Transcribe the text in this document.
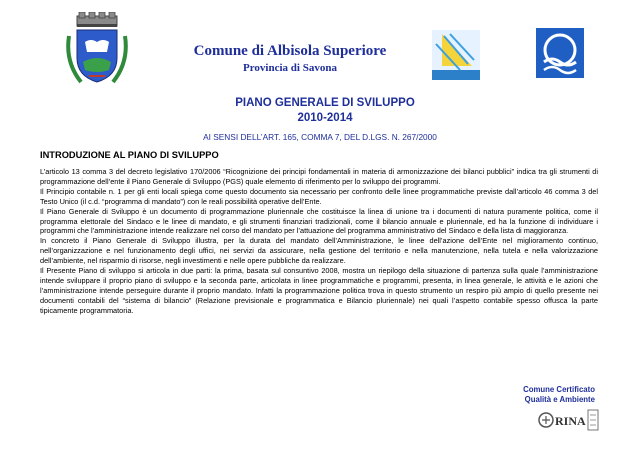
Comune di Albisola Superiore
Provincia di Savona
PIANO GENERALE DI SVILUPPO
2010-2014
AI SENSI DELL’ART. 165, COMMA 7, DEL D.LGS. N. 267/2000
INTRODUZIONE AL PIANO DI SVILUPPO

L’articolo 13 comma 3 del decreto legislativo 170/2006 “Ricognizione dei principi fondamentali in materia di armonizzazione dei bilanci pubblici” indica tra gli strumenti di programmazione dell’ente il Piano Generale di Sviluppo (PGS) quale elemento di riferimento per lo sviluppo dei programmi.

Il Principio contabile n. 1 per gli enti locali spiega come questo documento sia necessario per confronto delle linee programmatiche previste dall’articolo 46 comma 3 del Testo Unico (il c.d. “programma di mandato”) con le reali possibilità operative dell’Ente.

Il Piano Generale di Sviluppo è un documento di programmazione pluriennale che costituisce la linea di unione tra i documenti di natura puramente politica, come il programma elettorale del Sindaco e le linee di mandato, e gli strumenti finanziari tradizionali, come il bilancio annuale e pluriennale, ed ha la funzione di individuare i programmi che l’amministrazione intende realizzare nel corso del mandato per l’attuazione del programma amministrativo del Sindaco e della lista di maggioranza.

In concreto il Piano Generale di Sviluppo illustra, per la durata del mandato dell’Amministrazione, le linee dell’azione dell’Ente nel miglioramento continuo, nell’organizzazione e nel funzionamento degli uffici, nei servizi da assicurare, nella gestione del territorio e nella manutenzione, nella tutela e nella valorizzazione dell’ambiente, nel risparmio di risorse, negli investimenti e nelle opere pubbliche da realizzare.

Il Presente Piano di sviluppo si articola in due parti: la prima, basata sul consuntivo 2008, mostra un riepilogo della situazione di partenza sulla quale l’amministrazione intende sviluppare il proprio piano di sviluppo e la seconda parte, articolata in linee programmatiche e programmi, presenta, in linea generale, le attività e le azioni che l’amministrazione intende perseguire durante il proprio mandato. Infatti la programmazione politica trova in questo strumento un respiro più ampio di quello presente nei documenti contabili del “sistema di bilancio” (Relazione previsionale e programmatica e Bilancio pluriennale) nei quali l’aspetto contabile spesso offusca la parte tipicamente programmatoria.

Comune Certificato
Qualità e Ambiente
RINA
